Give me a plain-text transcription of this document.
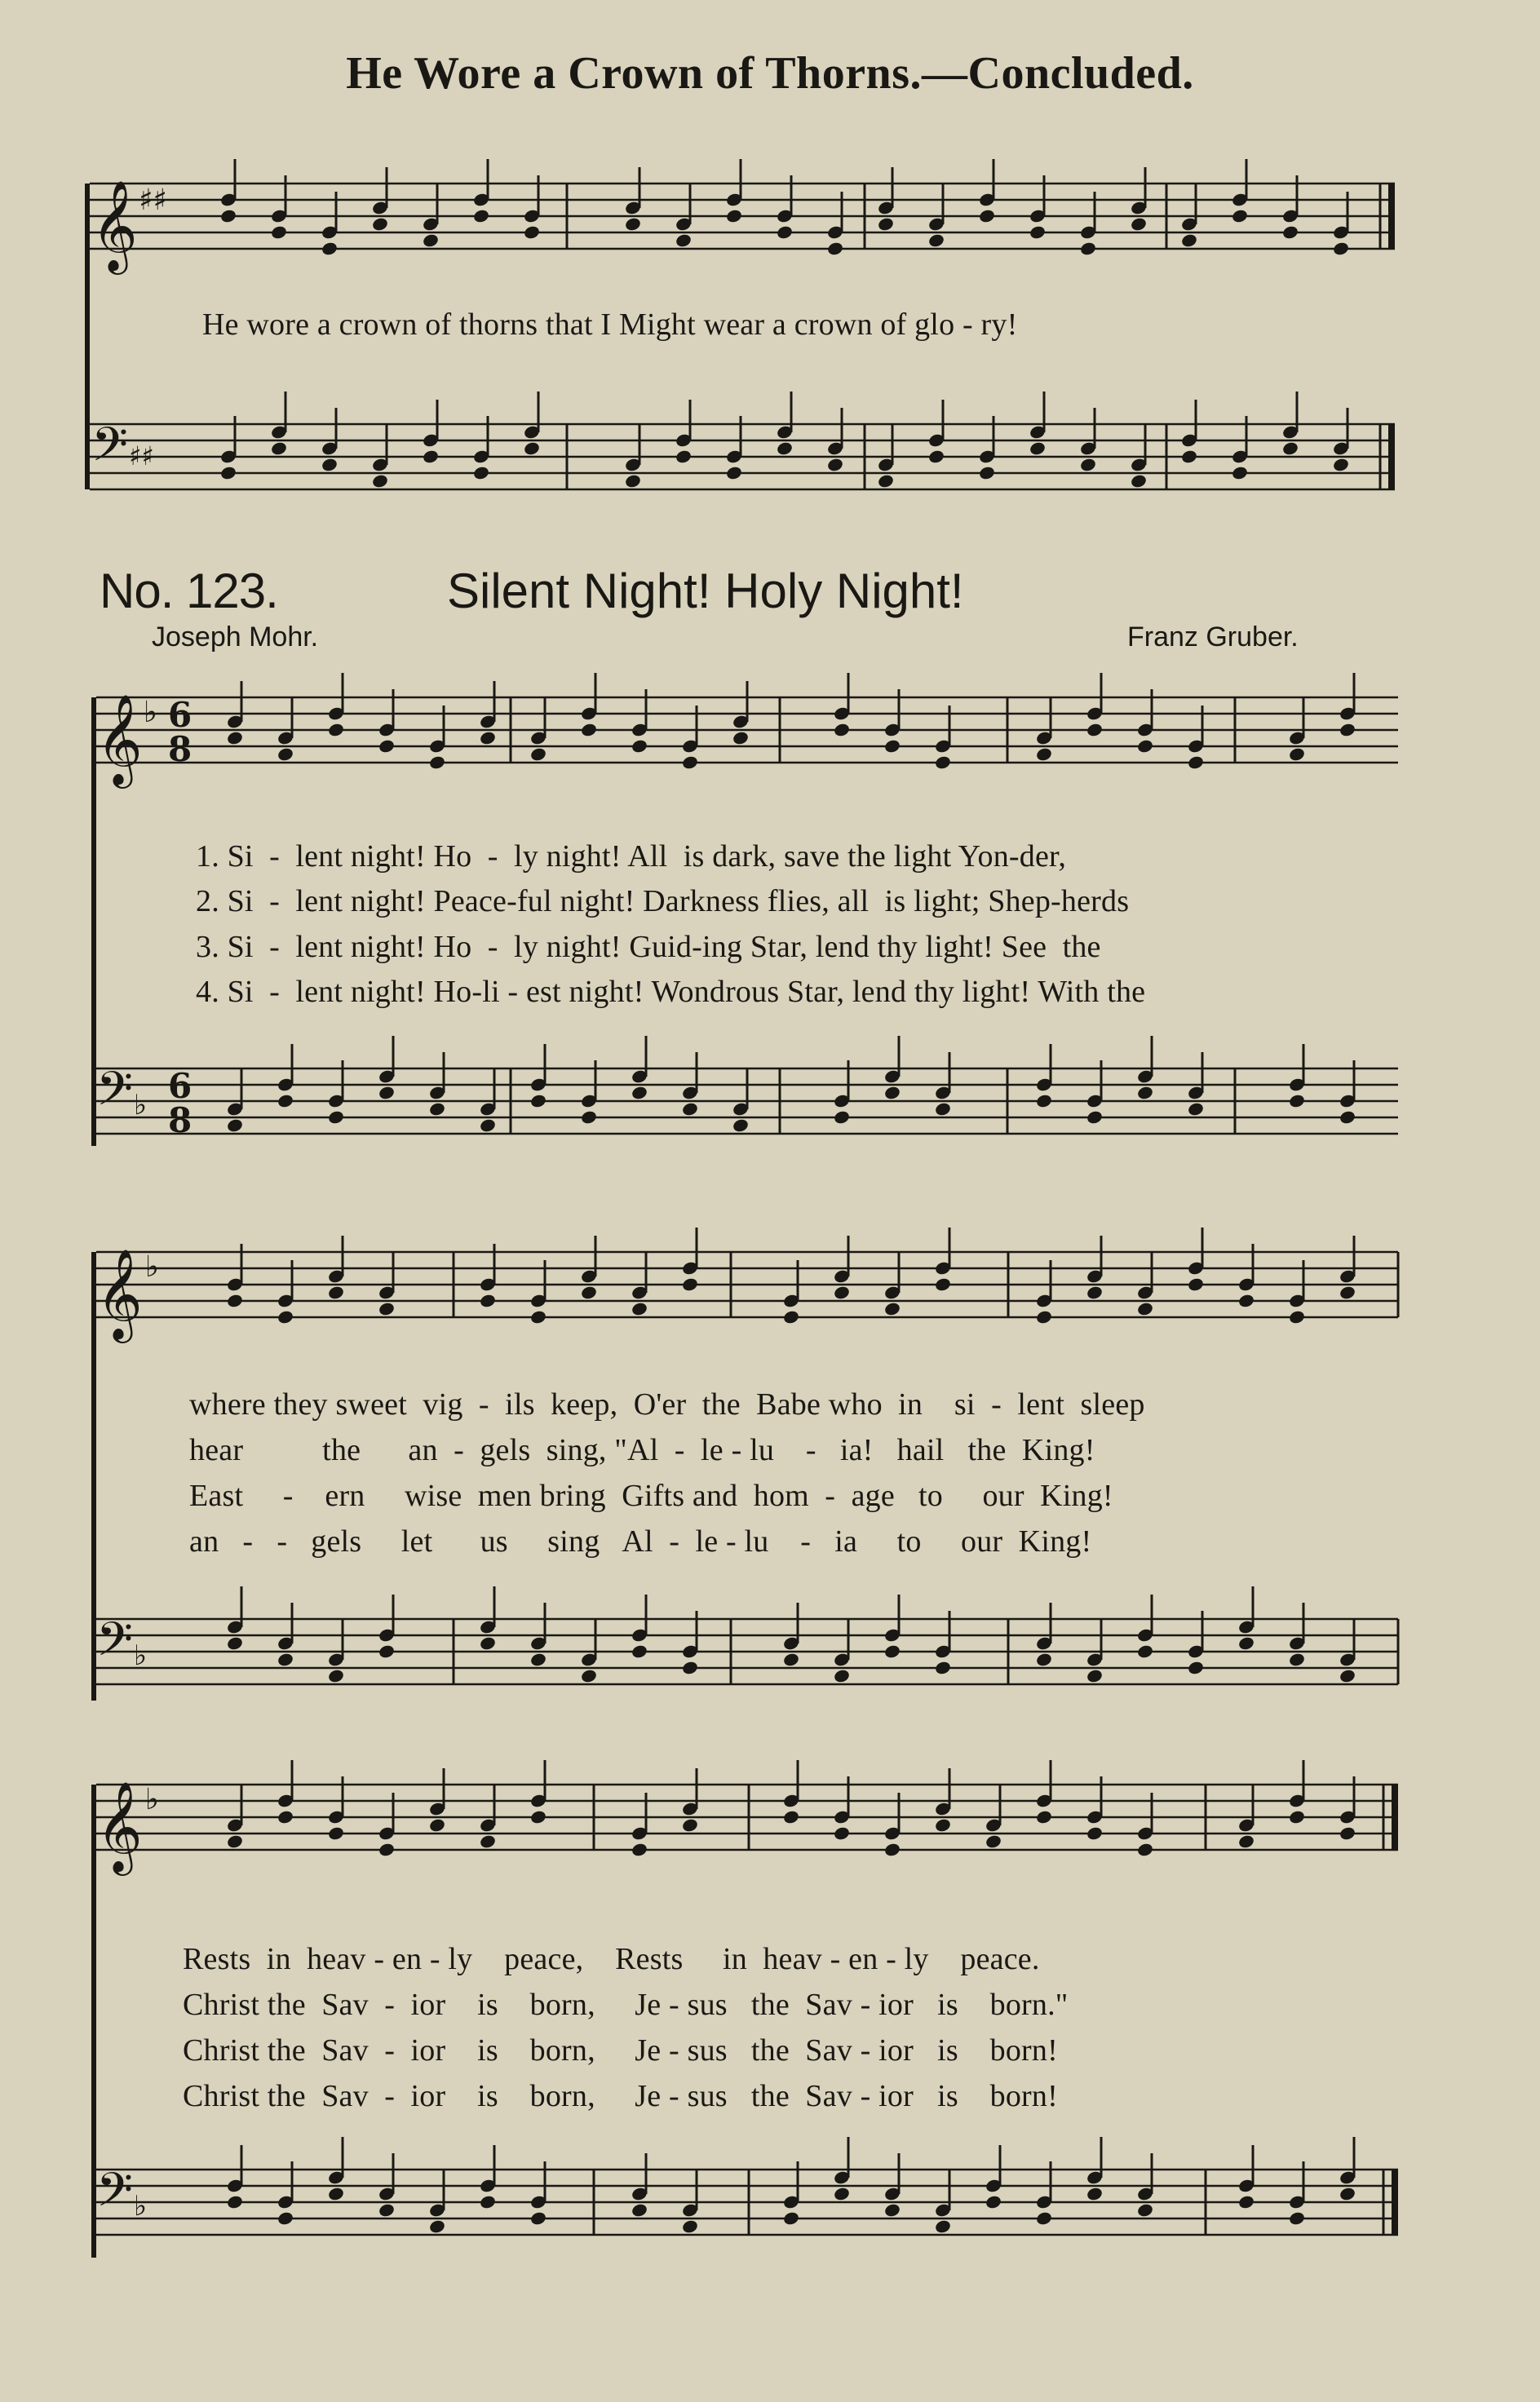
He Wore a Crown of Thorns.—Concluded.
𝄞 ♯♯
He wore a crown of thorns that I Might wear a crown of glo - ry!
𝄢 ♯♯
No. 123.	Silent Night! Holy Night!
Joseph Mohr.	Franz Gruber.
𝄞 ♭ 6
8
1. Si  -  lent night! Ho  -  ly night! All  is dark, save the light Yon-der,
2. Si  -  lent night! Peace-ful night! Darkness flies, all  is light; Shep-herds
3. Si  -  lent night! Ho  -  ly night! Guid-ing Star, lend thy light! See  the
4. Si  -  lent night! Ho-li - est night! Wondrous Star, lend thy light! With the
𝄢 ♭ 6
8
𝄞 ♭
where they sweet  vig  -  ils  keep,  O'er  the  Babe who  in    si  -  lent  sleep
hear          the      an  -  gels  sing, "Al  -  le - lu    -   ia!   hail   the  King!
East     -    ern     wise  men bring  Gifts and  hom  -  age   to     our  King!
an   -   -   gels     let      us     sing   Al  -  le - lu    -   ia     to     our  King!
𝄢 ♭
𝄞 ♭
Rests  in  heav - en - ly    peace,    Rests     in  heav - en - ly    peace.
Christ the  Sav  -  ior    is    born,     Je - sus   the  Sav - ior   is    born."
Christ the  Sav  -  ior    is    born,     Je - sus   the  Sav - ior   is    born!
Christ the  Sav  -  ior    is    born,     Je - sus   the  Sav - ior   is    born!
𝄢 ♭
